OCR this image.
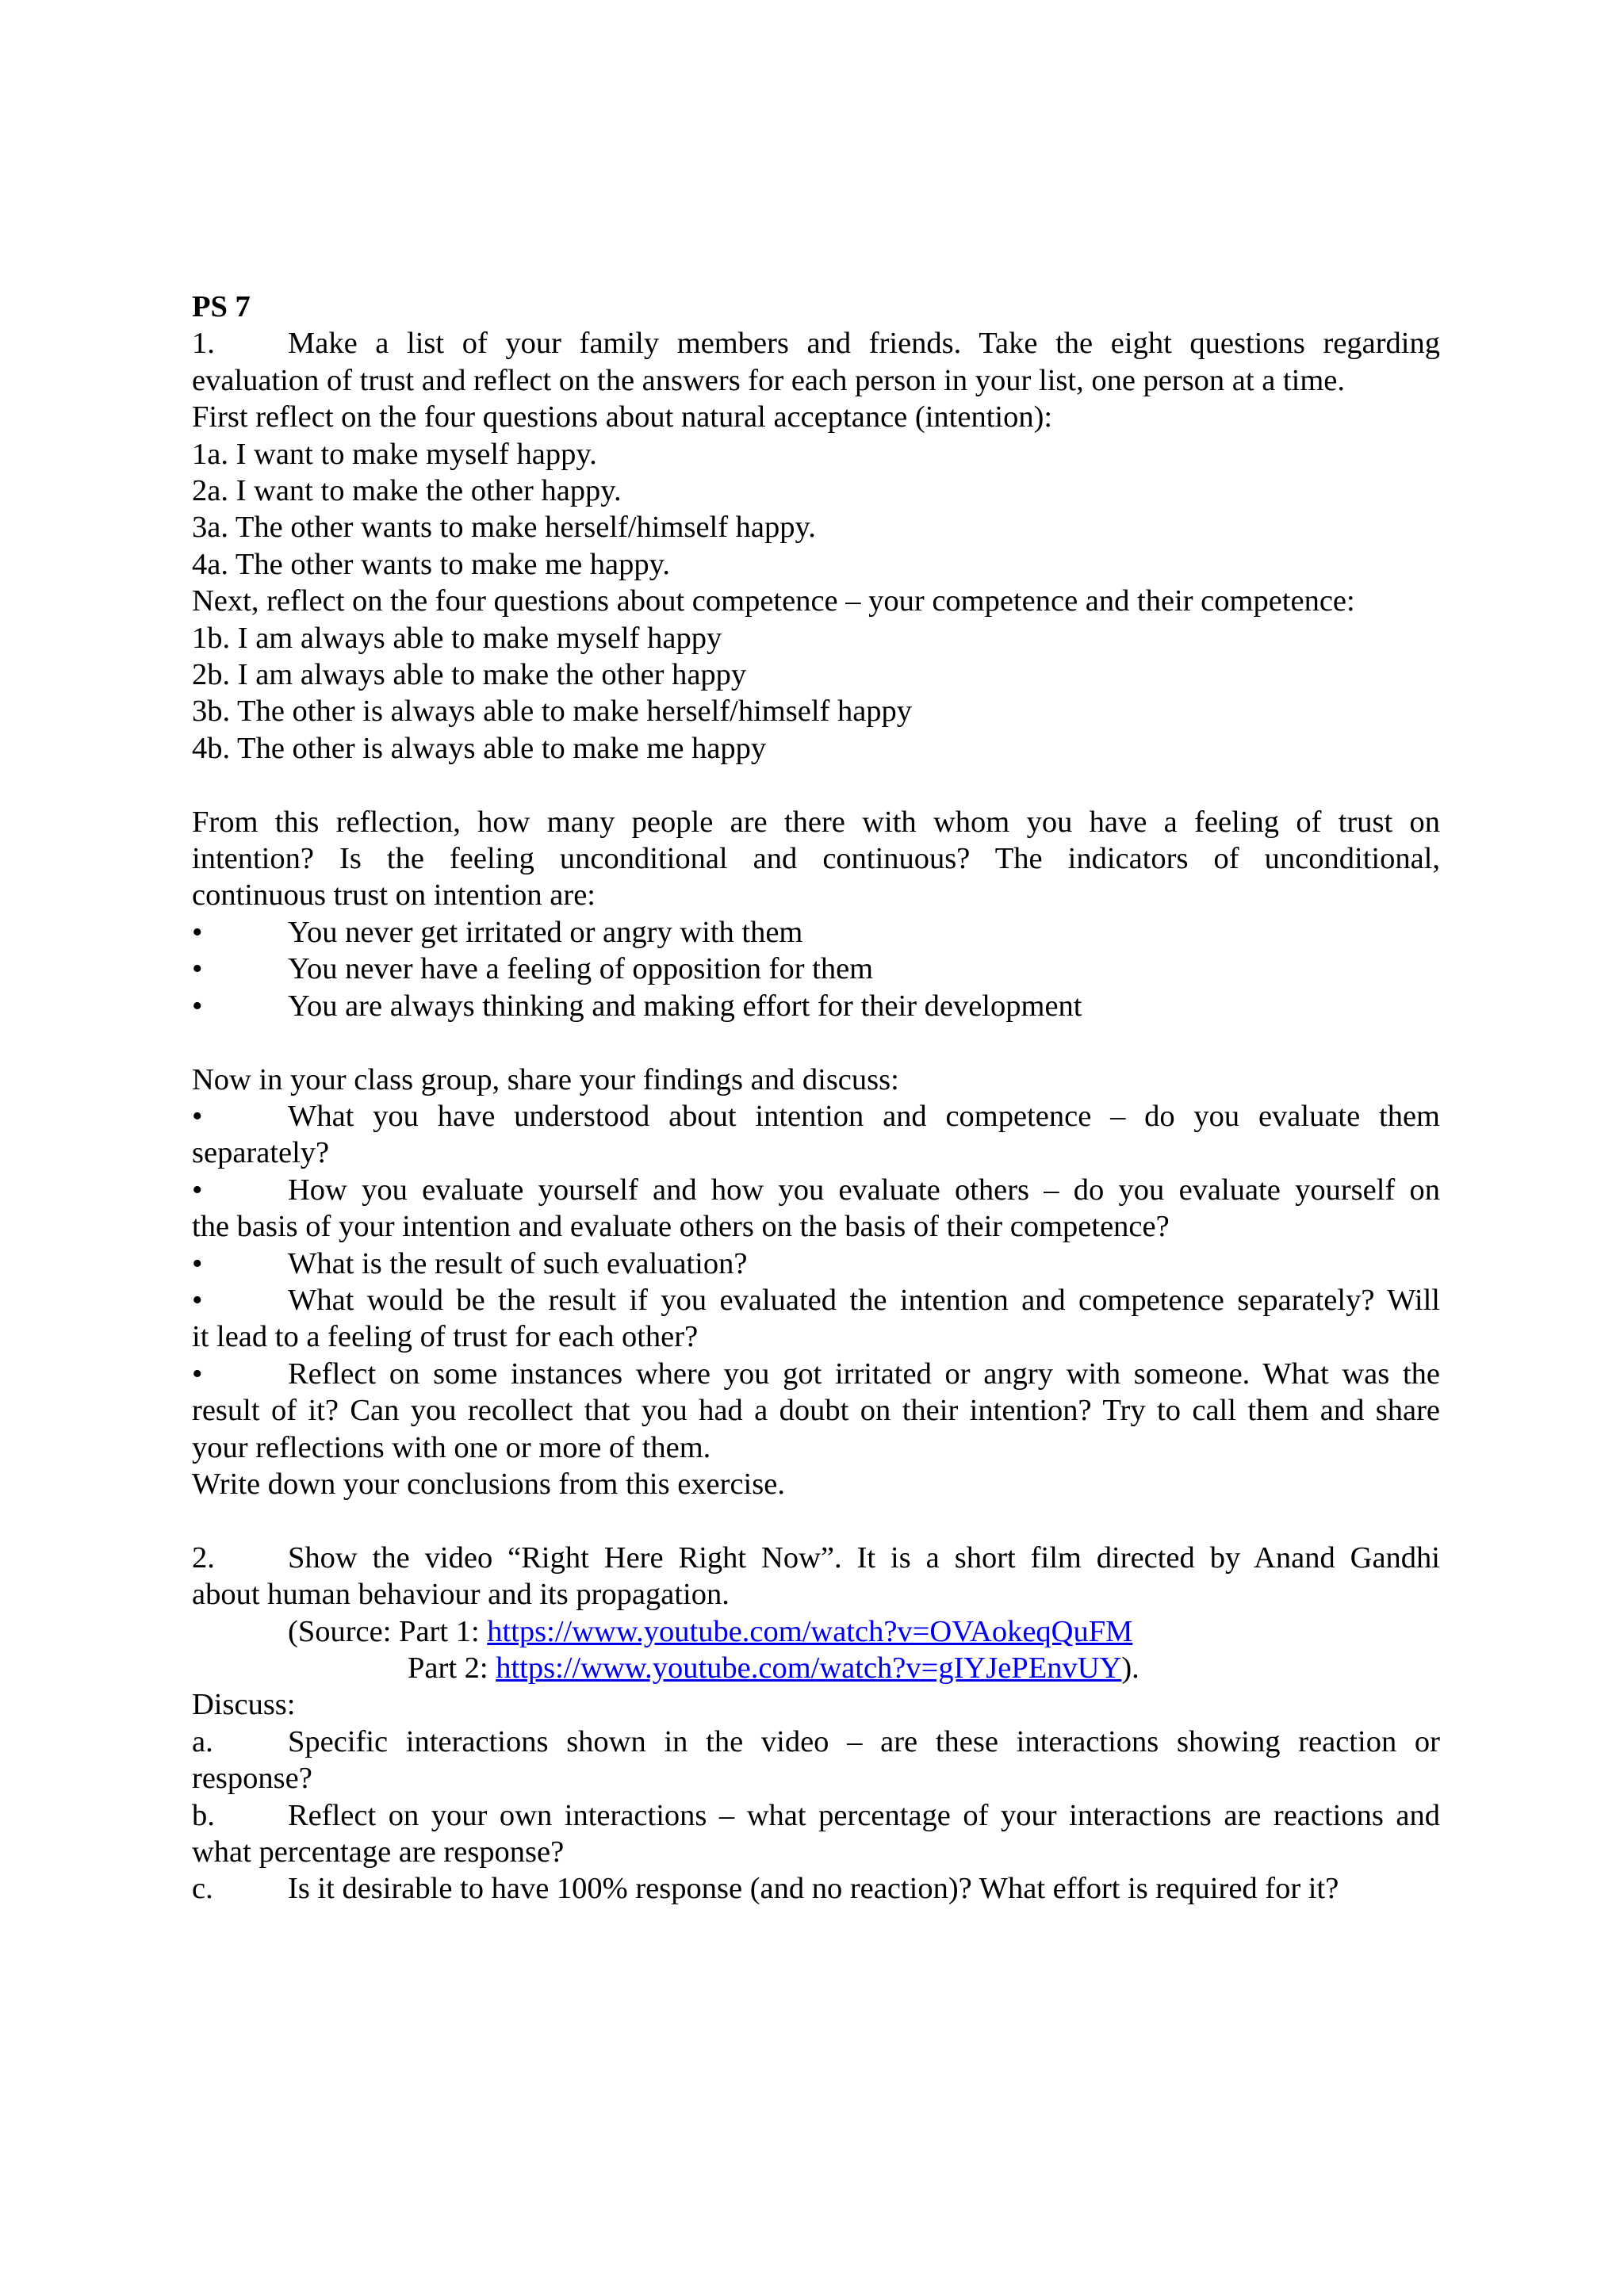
PS 7
1. Make a list of your family members and friends. Take the eight questions regarding
evaluation of trust and reflect on the answers for each person in your list, one person at a time.
First reflect on the four questions about natural acceptance (intention):
1a. I want to make myself happy.
2a. I want to make the other happy.
3a. The other wants to make herself/himself happy.
4a. The other wants to make me happy.
Next, reflect on the four questions about competence – your competence and their competence:
1b. I am always able to make myself happy
2b. I am always able to make the other happy
3b. The other is always able to make herself/himself happy
4b. The other is always able to make me happy
From this reflection, how many people are there with whom you have a feeling of trust on
intention? Is the feeling unconditional and continuous? The indicators of unconditional,
continuous trust on intention are:
•	You never get irritated or angry with them
•	You never have a feeling of opposition for them
•	You are always thinking and making effort for their development
Now in your class group, share your findings and discuss:
•	What you have understood about intention and competence – do you evaluate them
separately?
•	How you evaluate yourself and how you evaluate others – do you evaluate yourself on
the basis of your intention and evaluate others on the basis of their competence?
•	What is the result of such evaluation?
•	What would be the result if you evaluated the intention and competence separately? Will
it lead to a feeling of trust for each other?
•	Reflect on some instances where you got irritated or angry with someone. What was the
result of it? Can you recollect that you had a doubt on their intention? Try to call them and share
your reflections with one or more of them.
Write down your conclusions from this exercise.
2. Show the video “Right Here Right Now”. It is a short film directed by Anand Gandhi
about human behaviour and its propagation.
(Source: Part 1: https://www.youtube.com/watch?v=OVAokeqQuFM
Part 2: https://www.youtube.com/watch?v=gIYJePEnvUY).
Discuss:
a. Specific interactions shown in the video – are these interactions showing reaction or
response?
b. Reflect on your own interactions – what percentage of your interactions are reactions and
what percentage are response?
c. Is it desirable to have 100% response (and no reaction)? What effort is required for it?
